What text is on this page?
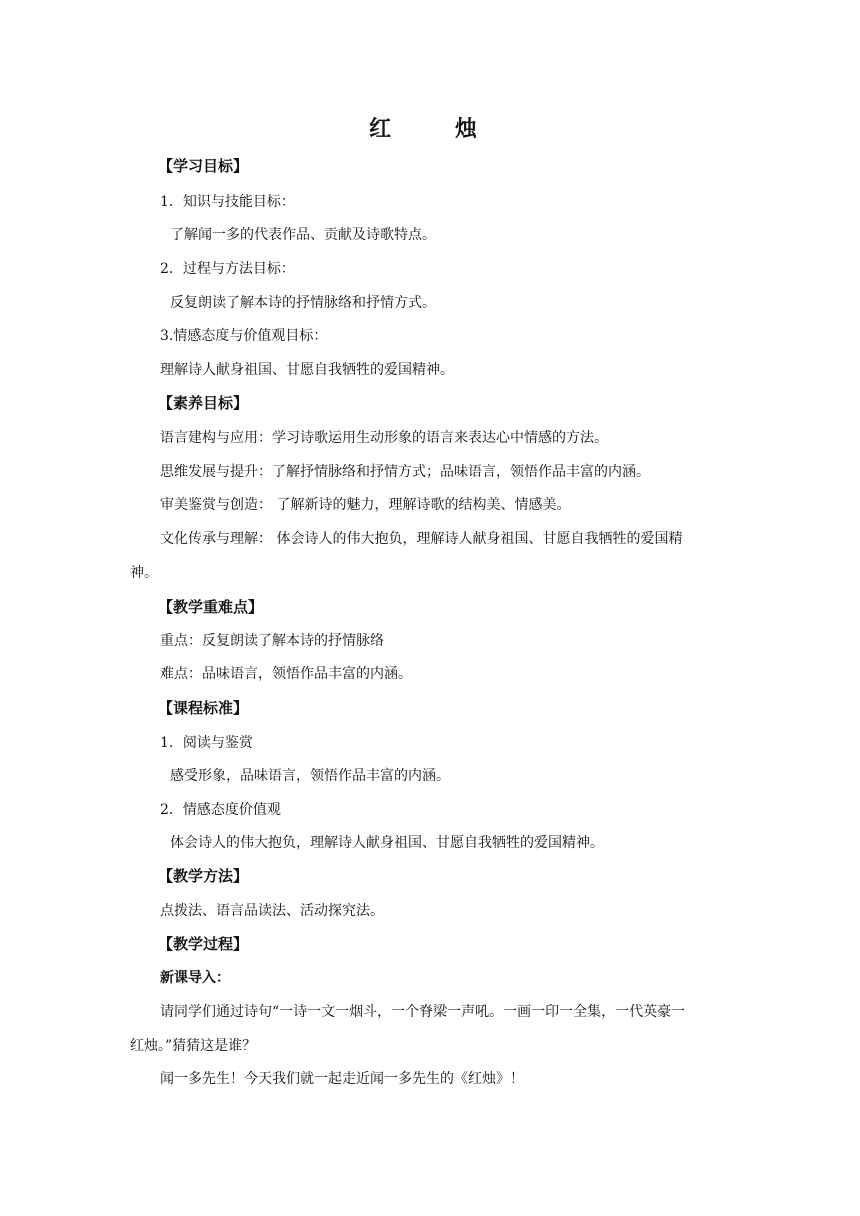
红 烛
【学习目标】
1．知识与技能目标：
了解闻一多的代表作品、贡献及诗歌特点。
2．过程与方法目标：
反复朗读了解本诗的抒情脉络和抒情方式。
3.情感态度与价值观目标：
理解诗人献身祖国、甘愿自我牺牲的爱国精神。
【素养目标】
语言建构与应用：学习诗歌运用生动形象的语言来表达心中情感的方法。
思维发展与提升：了解抒情脉络和抒情方式；品味语言，领悟作品丰富的内涵。
审美鉴赏与创造： 了解新诗的魅力，理解诗歌的结构美、情感美。
文化传承与理解： 体会诗人的伟大抱负，理解诗人献身祖国、甘愿自我牺牲的爱国精
神。
【教学重难点】
重点：反复朗读了解本诗的抒情脉络
难点：品味语言，领悟作品丰富的内涵。
【课程标准】
1．阅读与鉴赏
感受形象，品味语言，领悟作品丰富的内涵。
2．情感态度价值观
体会诗人的伟大抱负，理解诗人献身祖国、甘愿自我牺牲的爱国精神。
【教学方法】
点拨法、语言品读法、活动探究法。
【教学过程】
新课导入：
请同学们通过诗句“一诗一文一烟斗，一个脊梁一声吼。一画一印一全集，一代英豪一
红烛。”猜猜这是谁？
闻一多先生！今天我们就一起走近闻一多先生的《红烛》！
